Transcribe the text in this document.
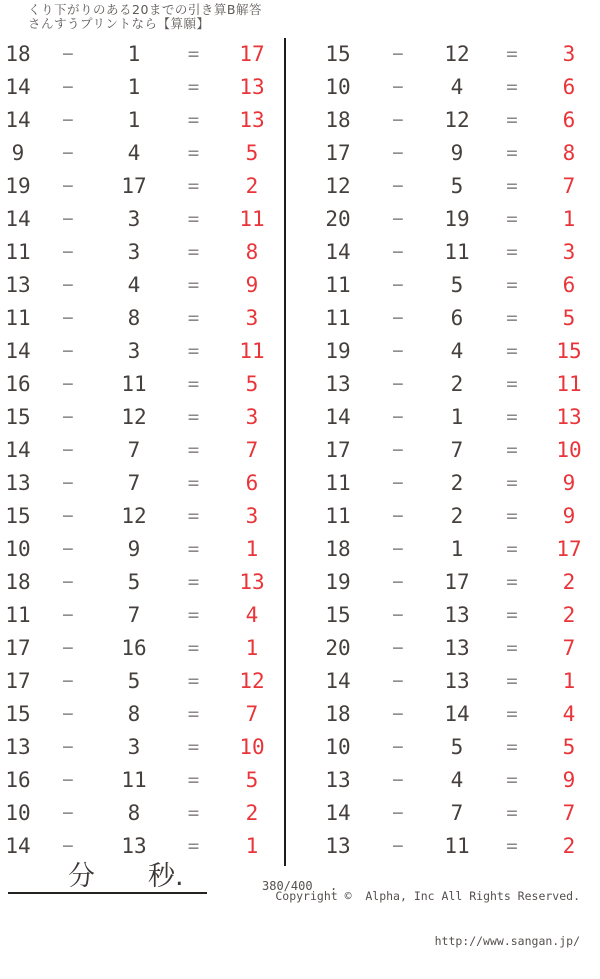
くり下がりのある20までの引き算B解答
さんすうプリントなら【算願】
18	−	1	=	17
14	−	1	=	13
14	−	1	=	13
9	−	4	=	5
19	−	17	=	2
14	−	3	=	11
11	−	3	=	8
13	−	4	=	9
11	−	8	=	3
14	−	3	=	11
16	−	11	=	5
15	−	12	=	3
14	−	7	=	7
13	−	7	=	6
15	−	12	=	3
10	−	9	=	1
18	−	5	=	13
11	−	7	=	4
17	−	16	=	1
17	−	5	=	12
15	−	8	=	7
13	−	3	=	10
16	−	11	=	5
10	−	8	=	2
14	−	13	=	1
15	−	12	=	3
10	−	4	=	6
18	−	12	=	6
17	−	9	=	8
12	−	5	=	7
20	−	19	=	1
14	−	11	=	3
11	−	5	=	6
11	−	6	=	5
19	−	4	=	15
13	−	2	=	11
14	−	1	=	13
17	−	7	=	10
11	−	2	=	9
11	−	2	=	9
18	−	1	=	17
19	−	17	=	2
15	−	13	=	2
20	−	13	=	7
14	−	13	=	1
18	−	14	=	4
10	−	5	=	5
13	−	4	=	9
14	−	7	=	7
13	−	11	=	2
分 秒.	380/400 .

Copyright ©  Alpha, Inc All Rights Reserved.

http://www.sangan.jp/
